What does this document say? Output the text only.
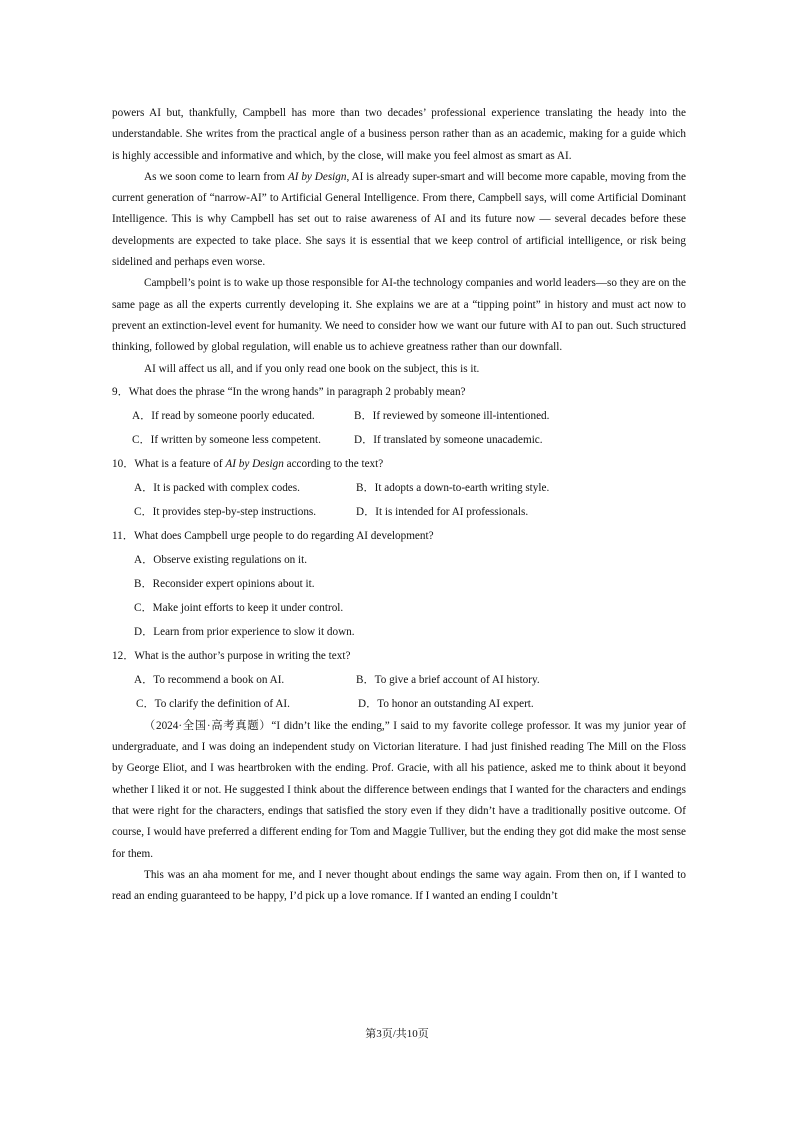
powers AI but, thankfully, Campbell has more than two decades’ professional experience translating the heady into the understandable. She writes from the practical angle of a business person rather than as an academic, making for a guide which is highly accessible and informative and which, by the close, will make you feel almost as smart as AI.

As we soon come to learn from AI by Design, AI is already super-smart and will become more capable, moving from the current generation of “narrow-AI” to Artificial General Intelligence. From there, Campbell says, will come Artificial Dominant Intelligence. This is why Campbell has set out to raise awareness of AI and its future now — several decades before these developments are expected to take place. She says it is essential that we keep control of artificial intelligence, or risk being sidelined and perhaps even worse.

Campbell’s point is to wake up those responsible for AI-the technology companies and world leaders—so they are on the same page as all the experts currently developing it. She explains we are at a “tipping point” in history and must act now to prevent an extinction-level event for humanity. We need to consider how we want our future with AI to pan out. Such structured thinking, followed by global regulation, will enable us to achieve greatness rather than our downfall.

AI will affect us all, and if you only read one book on the subject, this is it.

9．What does the phrase “In the wrong hands” in paragraph 2 probably mean?

A．If read by someone poorly educated.	B．If reviewed by someone ill-intentioned.
C．If written by someone less competent.	D．If translated by someone unacademic.

10．What is a feature of AI by Design according to the text?

A．It is packed with complex codes.	B．It adopts a down-to-earth writing style.
C．It provides step-by-step instructions.	D．It is intended for AI professionals.

11．What does Campbell urge people to do regarding AI development?

A．Observe existing regulations on it.

B．Reconsider expert opinions about it.

C．Make joint efforts to keep it under control.

D．Learn from prior experience to slow it down.

12．What is the author’s purpose in writing the text?

A．To recommend a book on AI.	B．To give a brief account of AI history.
C．To clarify the definition of AI.	D．To honor an outstanding AI expert.

（2024·全国·高考真题）“I didn’t like the ending,” I said to my favorite college professor. It was my junior year of undergraduate, and I was doing an independent study on Victorian literature. I had just finished reading The Mill on the Floss by George Eliot, and I was heartbroken with the ending. Prof. Gracie, with all his patience, asked me to think about it beyond whether I liked it or not. He suggested I think about the difference between endings that I wanted for the characters and endings that were right for the characters, endings that satisfied the story even if they didn’t have a traditionally positive outcome. Of course, I would have preferred a different ending for Tom and Maggie Tulliver, but the ending they got did make the most sense for them.

This was an aha moment for me, and I never thought about endings the same way again. From then on, if I wanted to read an ending guaranteed to be happy, I’d pick up a love romance. If I wanted an ending I couldn’t

第3页/共10页
